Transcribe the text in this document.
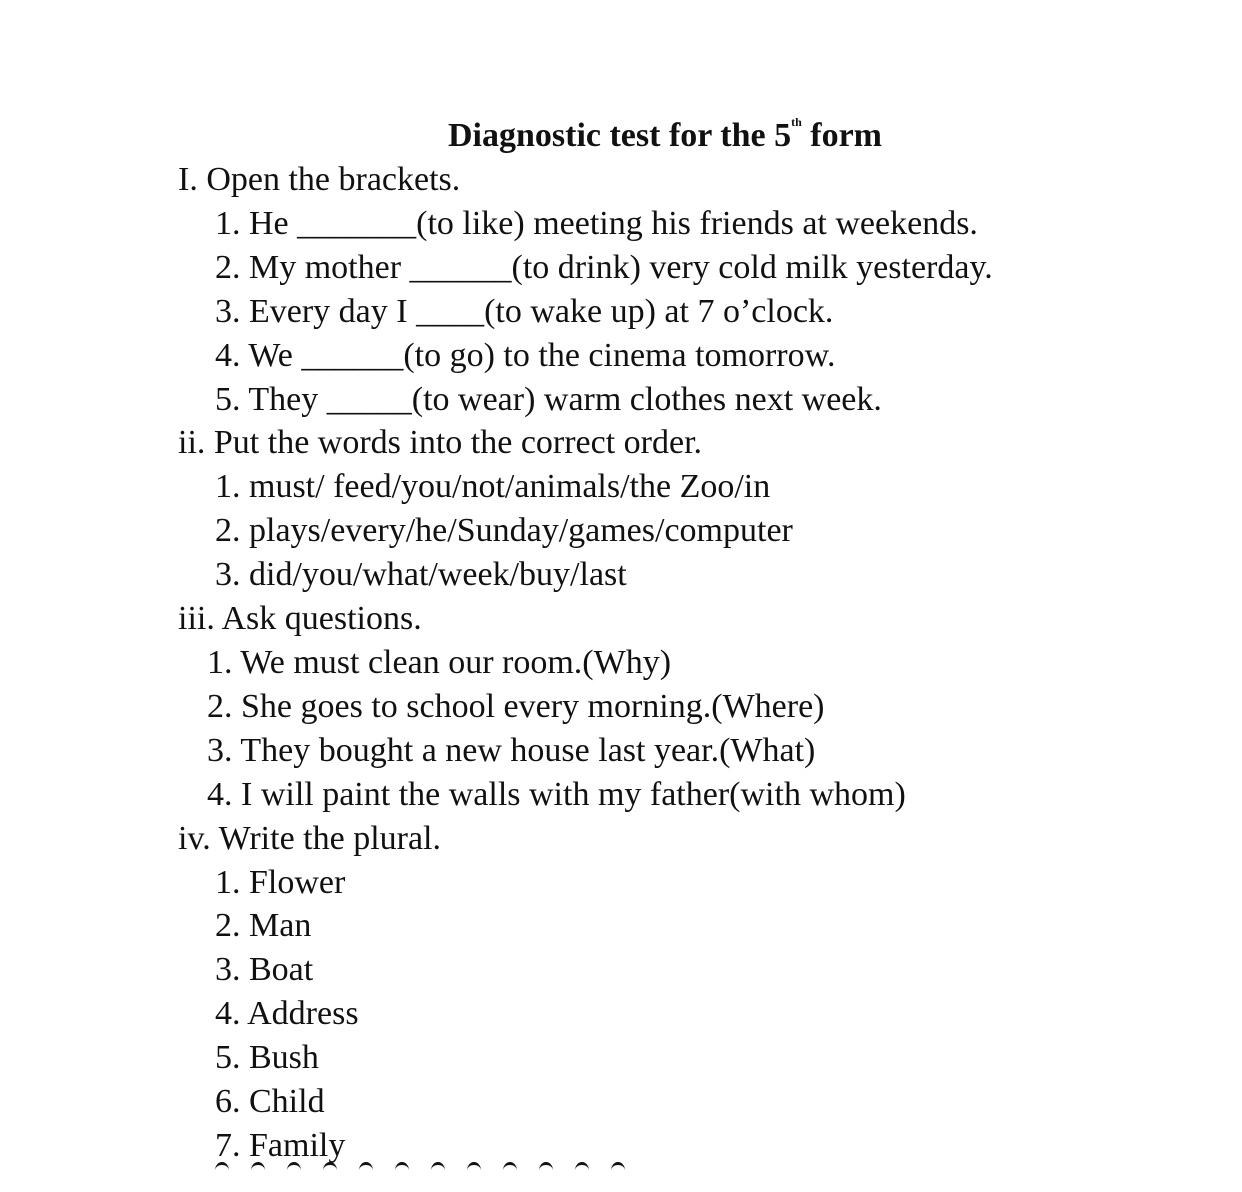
Diagnostic test for the 5th form
I. Open the brackets.
1. He _______(to like) meeting his friends at weekends.
2. My mother ______(to drink) very cold milk yesterday.
3. Every day I ____(to wake up) at 7 o’clock.
4. We ______(to go) to the cinema tomorrow.
5. They _____(to wear) warm clothes next week.
ii. Put the words into the correct order.
1. must/ feed/you/not/animals/the Zoo/in
2. plays/every/he/Sunday/games/computer
3. did/you/what/week/buy/last
iii. Ask questions.
1. We must clean our room.(Why)
2. She goes to school every morning.(Where)
3. They bought a new house last year.(What)
4. I will paint the walls with my father(with whom)
iv. Write the plural.
1. Flower
2. Man
3. Boat
4. Address
5. Bush
6. Child
7. Family
